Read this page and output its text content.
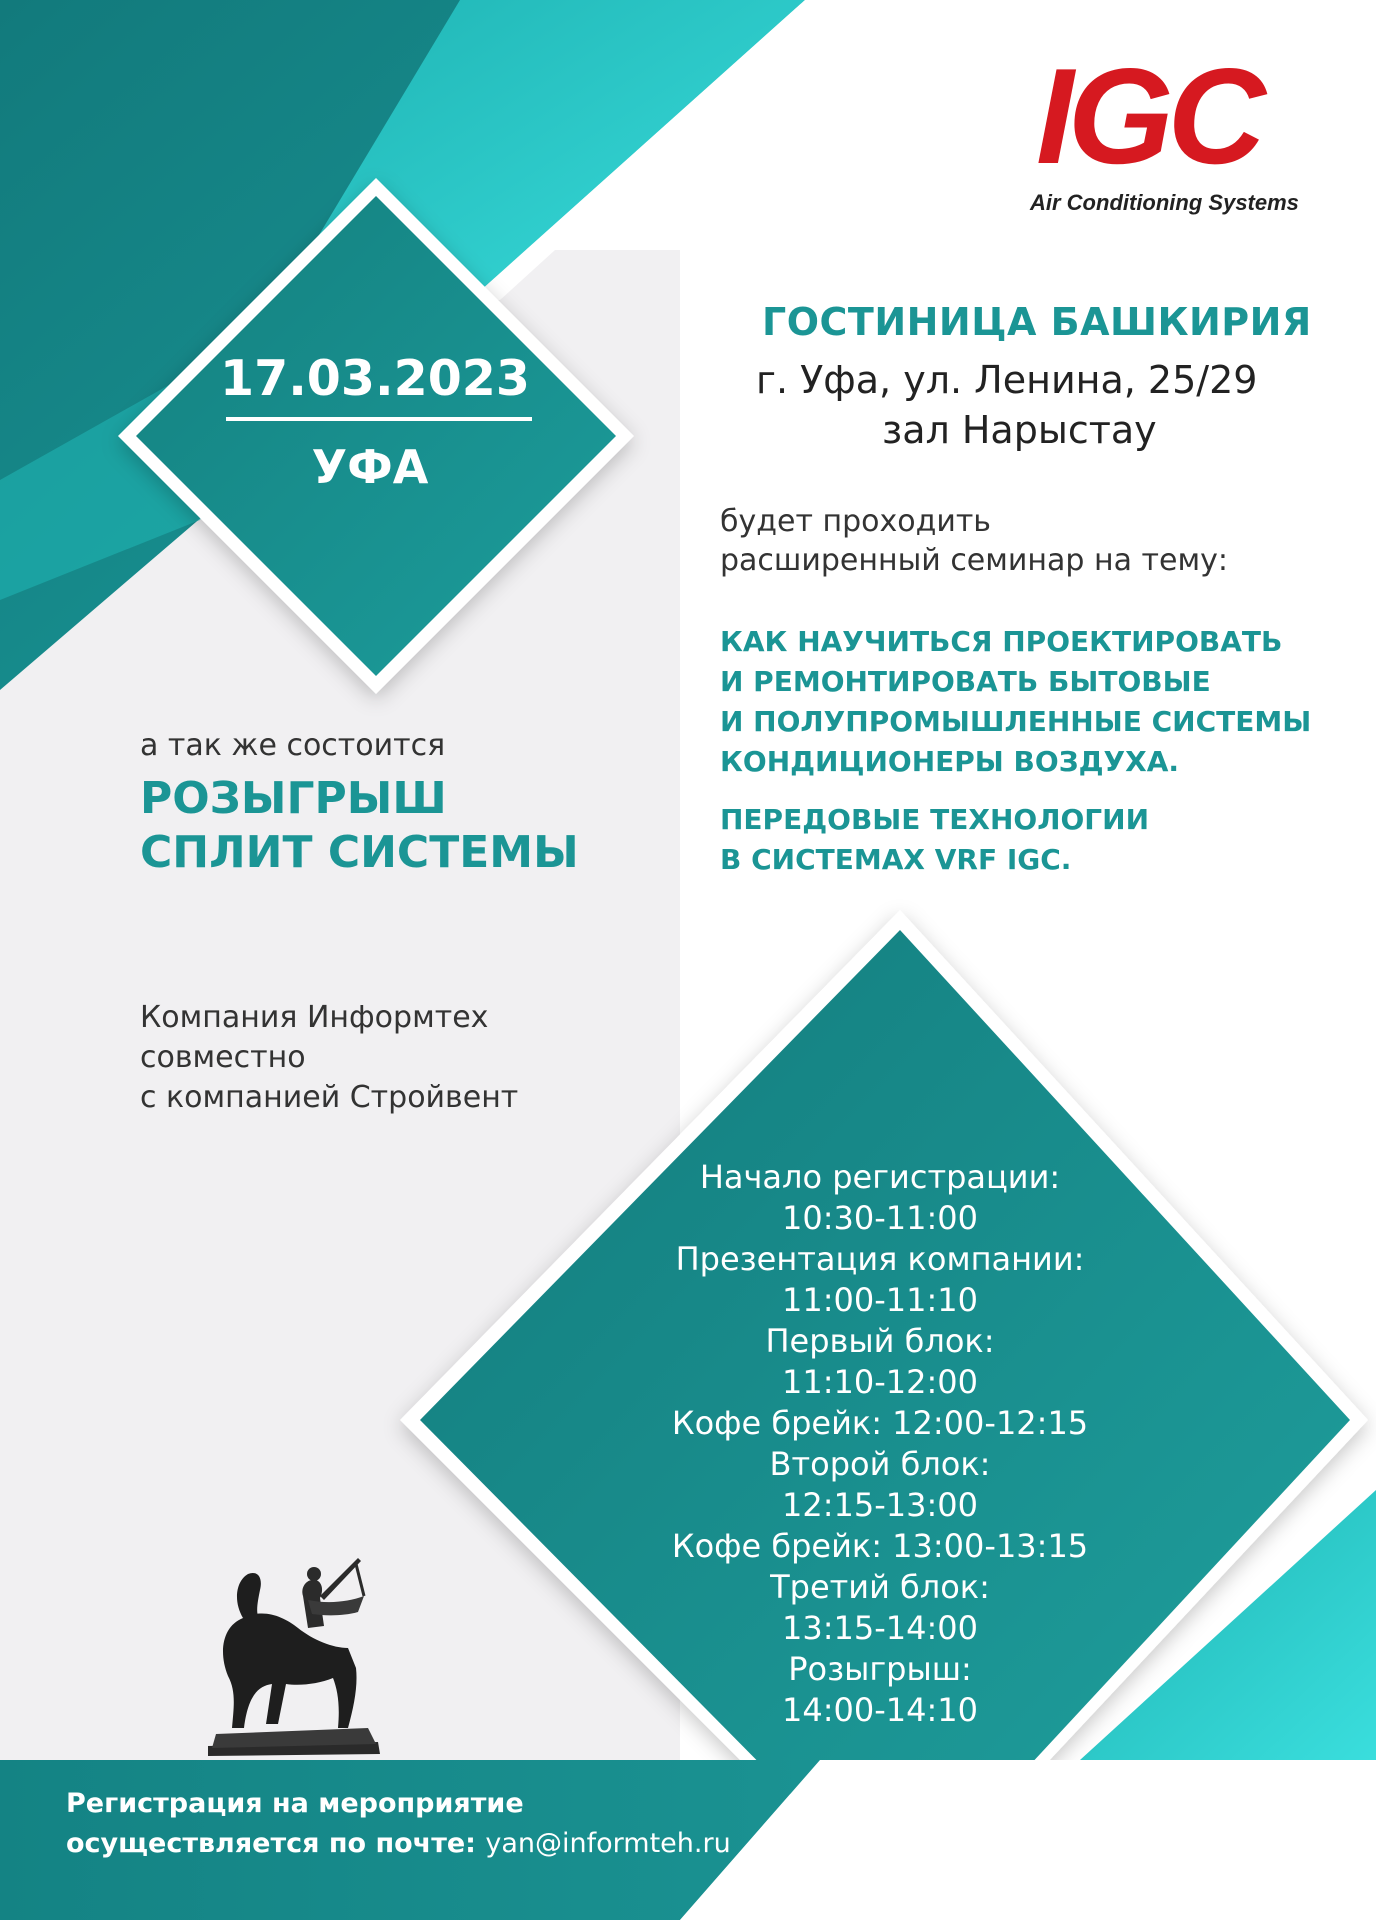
IGC
Air Conditioning Systems
17.03.2023
УФА
ГОСТИНИЦА БАШКИРИЯ
г. Уфа, ул. Ленина, 25/29
зал Нарыстау
будет проходить
расширенный семинар на тему:
КАК НАУЧИТЬСЯ ПРОЕКТИРОВАТЬ
И РЕМОНТИРОВАТЬ БЫТОВЫЕ
И ПОЛУПРОМЫШЛЕННЫЕ СИСТЕМЫ
КОНДИЦИОНЕРЫ ВОЗДУХА.
ПЕРЕДОВЫЕ ТЕХНОЛОГИИ
В СИСТЕМАХ VRF IGC.
а так же состоится
РОЗЫГРЫШ
СПЛИТ СИСТЕМЫ
Компания Информтех
совместно
с компанией Стройвент
Начало регистрации:
10:30-11:00
Презентация компании:
11:00-11:10
Первый блок:
11:10-12:00
Кофе брейк: 12:00-12:15
Второй блок:
12:15-13:00
Кофе брейк: 13:00-13:15
Третий блок:
13:15-14:00
Розыгрыш:
14:00-14:10
Регистрация на мероприятие
осуществляется по почте: yan@informteh.ru
